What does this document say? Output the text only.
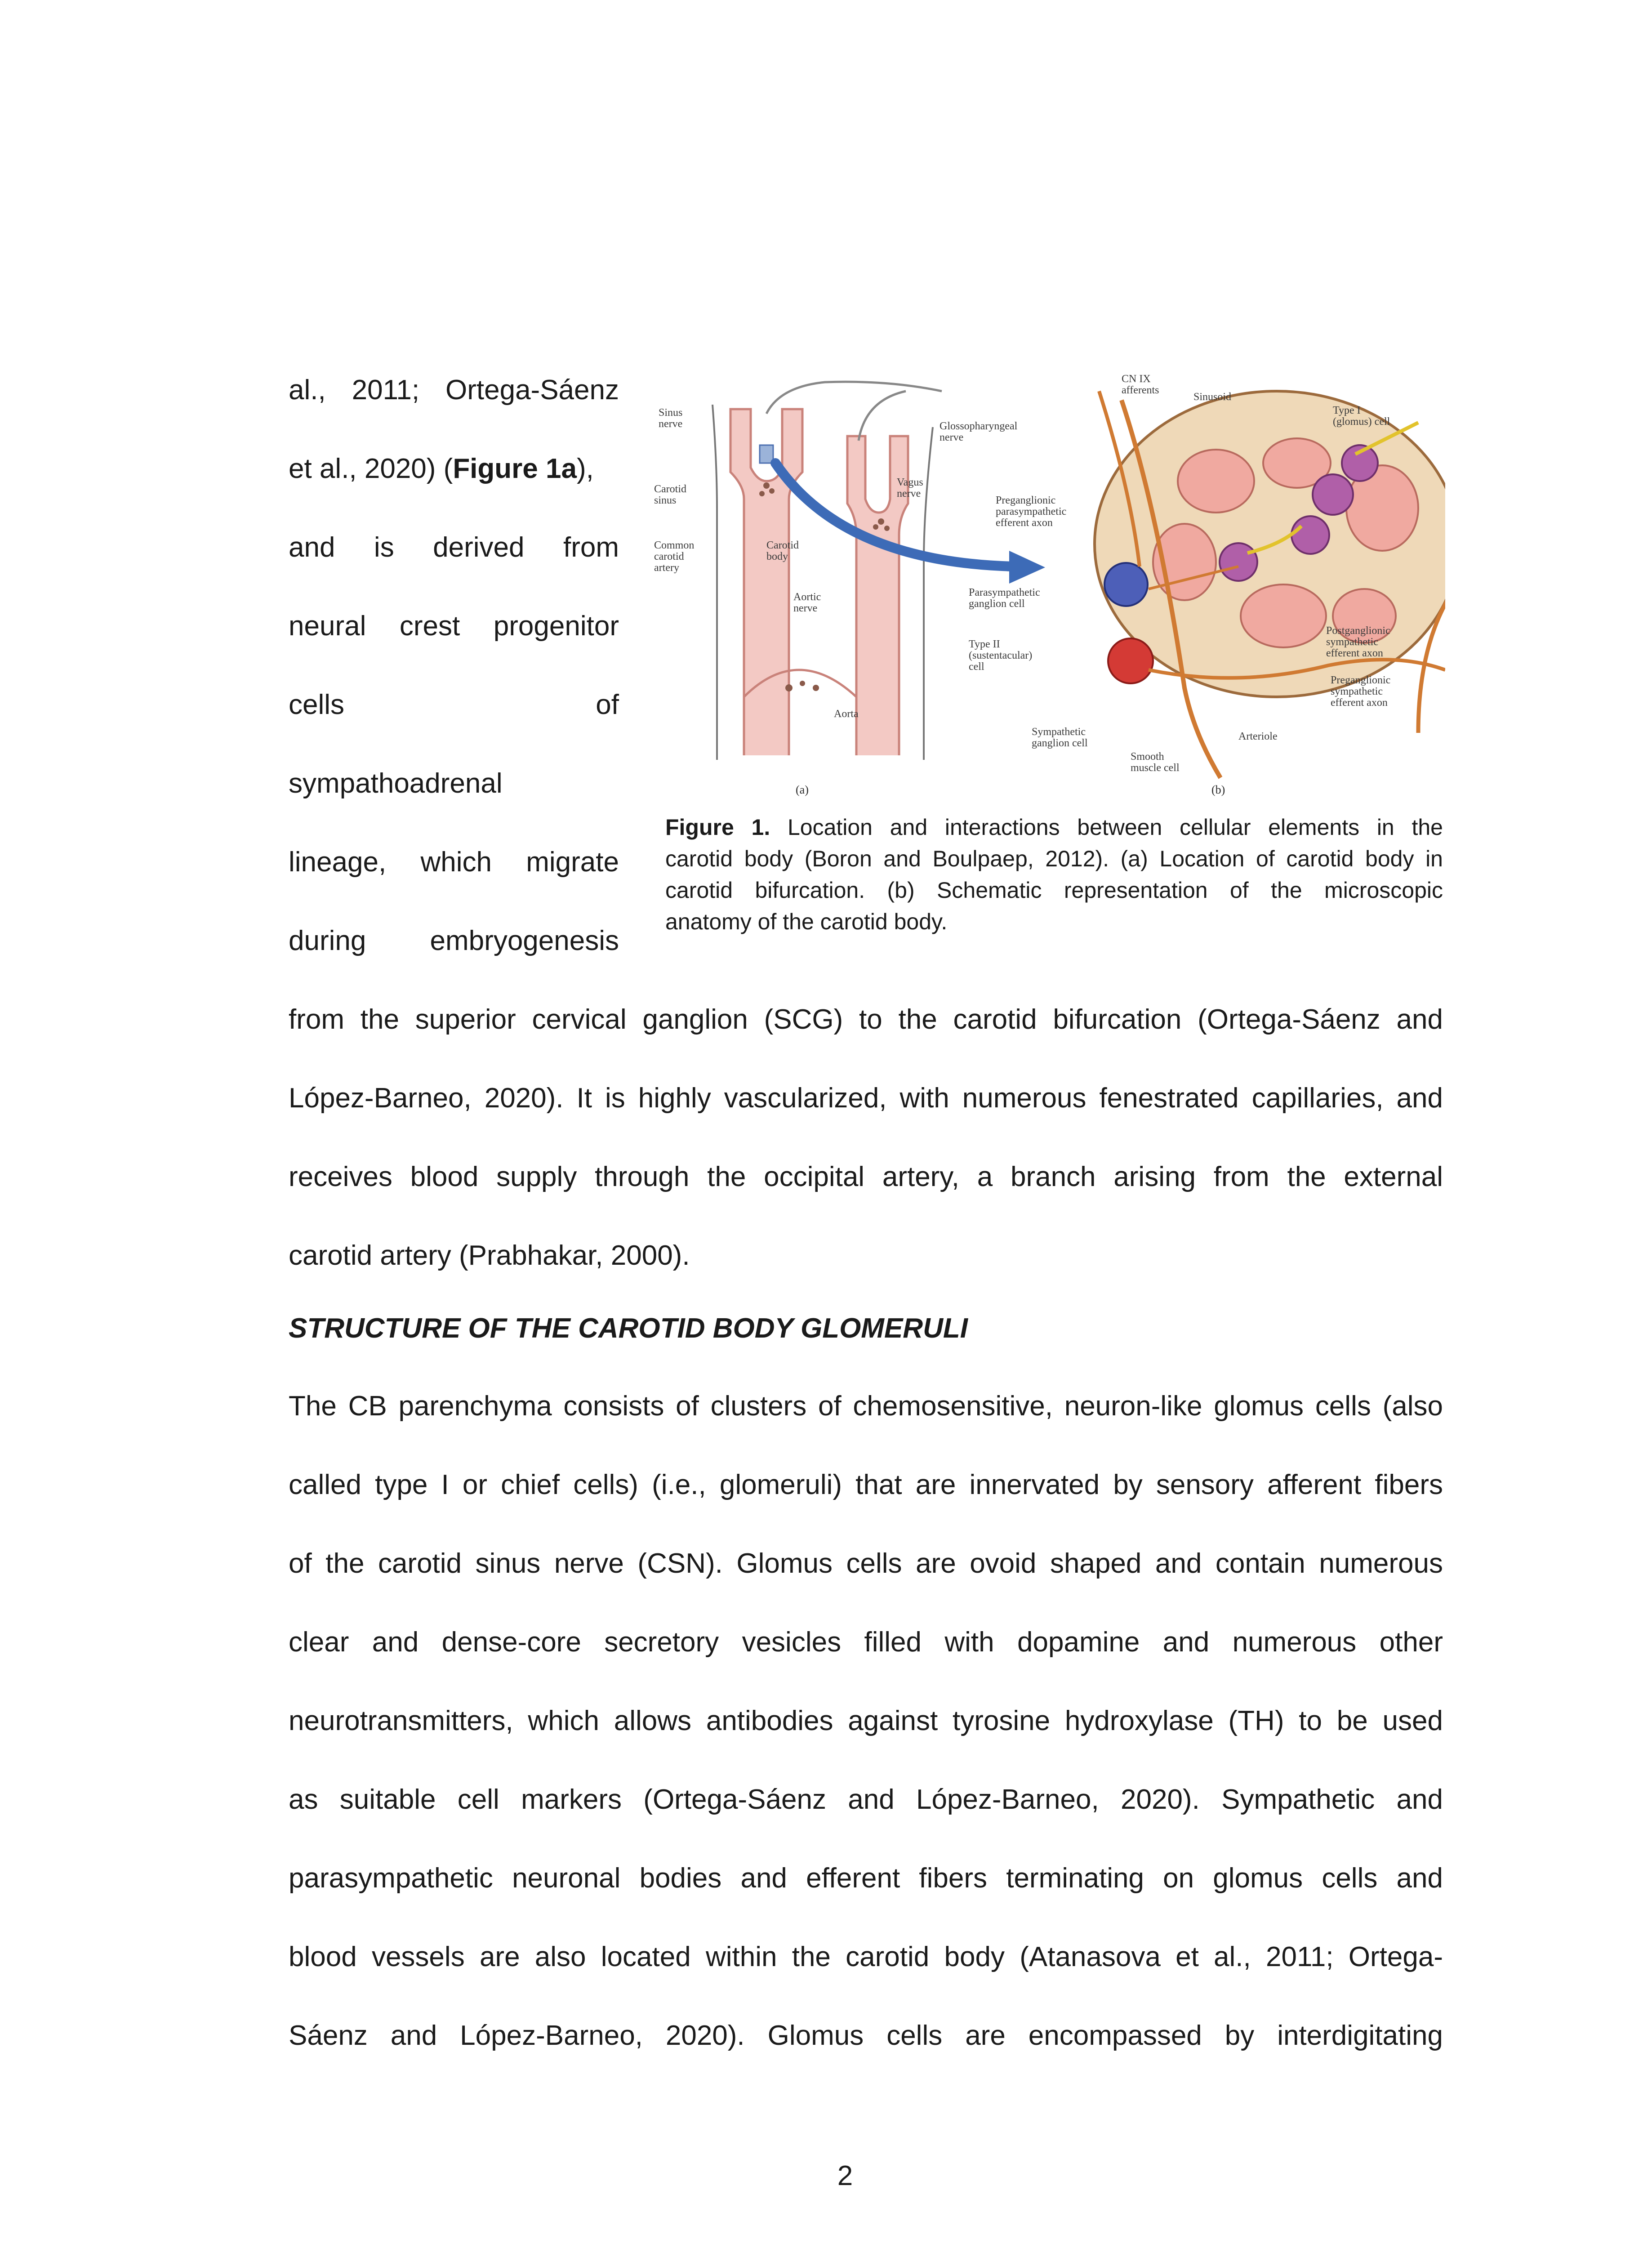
al., 2011; Ortega-Sáenz
et al., 2020) (Figure 1a),
and is derived from
neural crest progenitor
cells of
sympathoadrenal
lineage, which migrate
during embryogenesis
Sinus
nerve
Carotid
sinus
Common
carotid
artery
Carotid
body
Aortic
nerve
Glossopharyngeal
nerve
Vagus
nerve
Aorta
(a)
CN IX
afferents
Sinusoid
Type I
(glomus) cell
Preganglionic
parasympathetic
efferent axon
Parasympathetic
ganglion cell
Type II
(sustentacular)
cell
Sympathetic
ganglion cell
Smooth
muscle cell
Arteriole
Postganglionic
sympathetic
efferent axon
Preganglionic
sympathetic
efferent axon
(b)
Figure 1. Location and interactions between cellular elements in the
carotid body (Boron and Boulpaep, 2012). (a) Location of carotid body in
carotid bifurcation. (b) Schematic representation of the microscopic
anatomy of the carotid body.
from the superior cervical ganglion (SCG) to the carotid bifurcation (Ortega-Sáenz and
López-Barneo, 2020). It is highly vascularized, with numerous fenestrated capillaries, and
receives blood supply through the occipital artery, a branch arising from the external
carotid artery (Prabhakar, 2000).
STRUCTURE OF THE CAROTID BODY GLOMERULI
The CB parenchyma consists of clusters of chemosensitive, neuron-like glomus cells (also
called type I or chief cells) (i.e., glomeruli) that are innervated by sensory afferent fibers
of the carotid sinus nerve (CSN). Glomus cells are ovoid shaped and contain numerous
clear and dense-core secretory vesicles filled with dopamine and numerous other
neurotransmitters, which allows antibodies against tyrosine hydroxylase (TH) to be used
as suitable cell markers (Ortega-Sáenz and López-Barneo, 2020). Sympathetic and
parasympathetic neuronal bodies and efferent fibers terminating on glomus cells and
blood vessels are also located within the carotid body (Atanasova et al., 2011; Ortega-
Sáenz and López-Barneo, 2020). Glomus cells are encompassed by interdigitating
2
